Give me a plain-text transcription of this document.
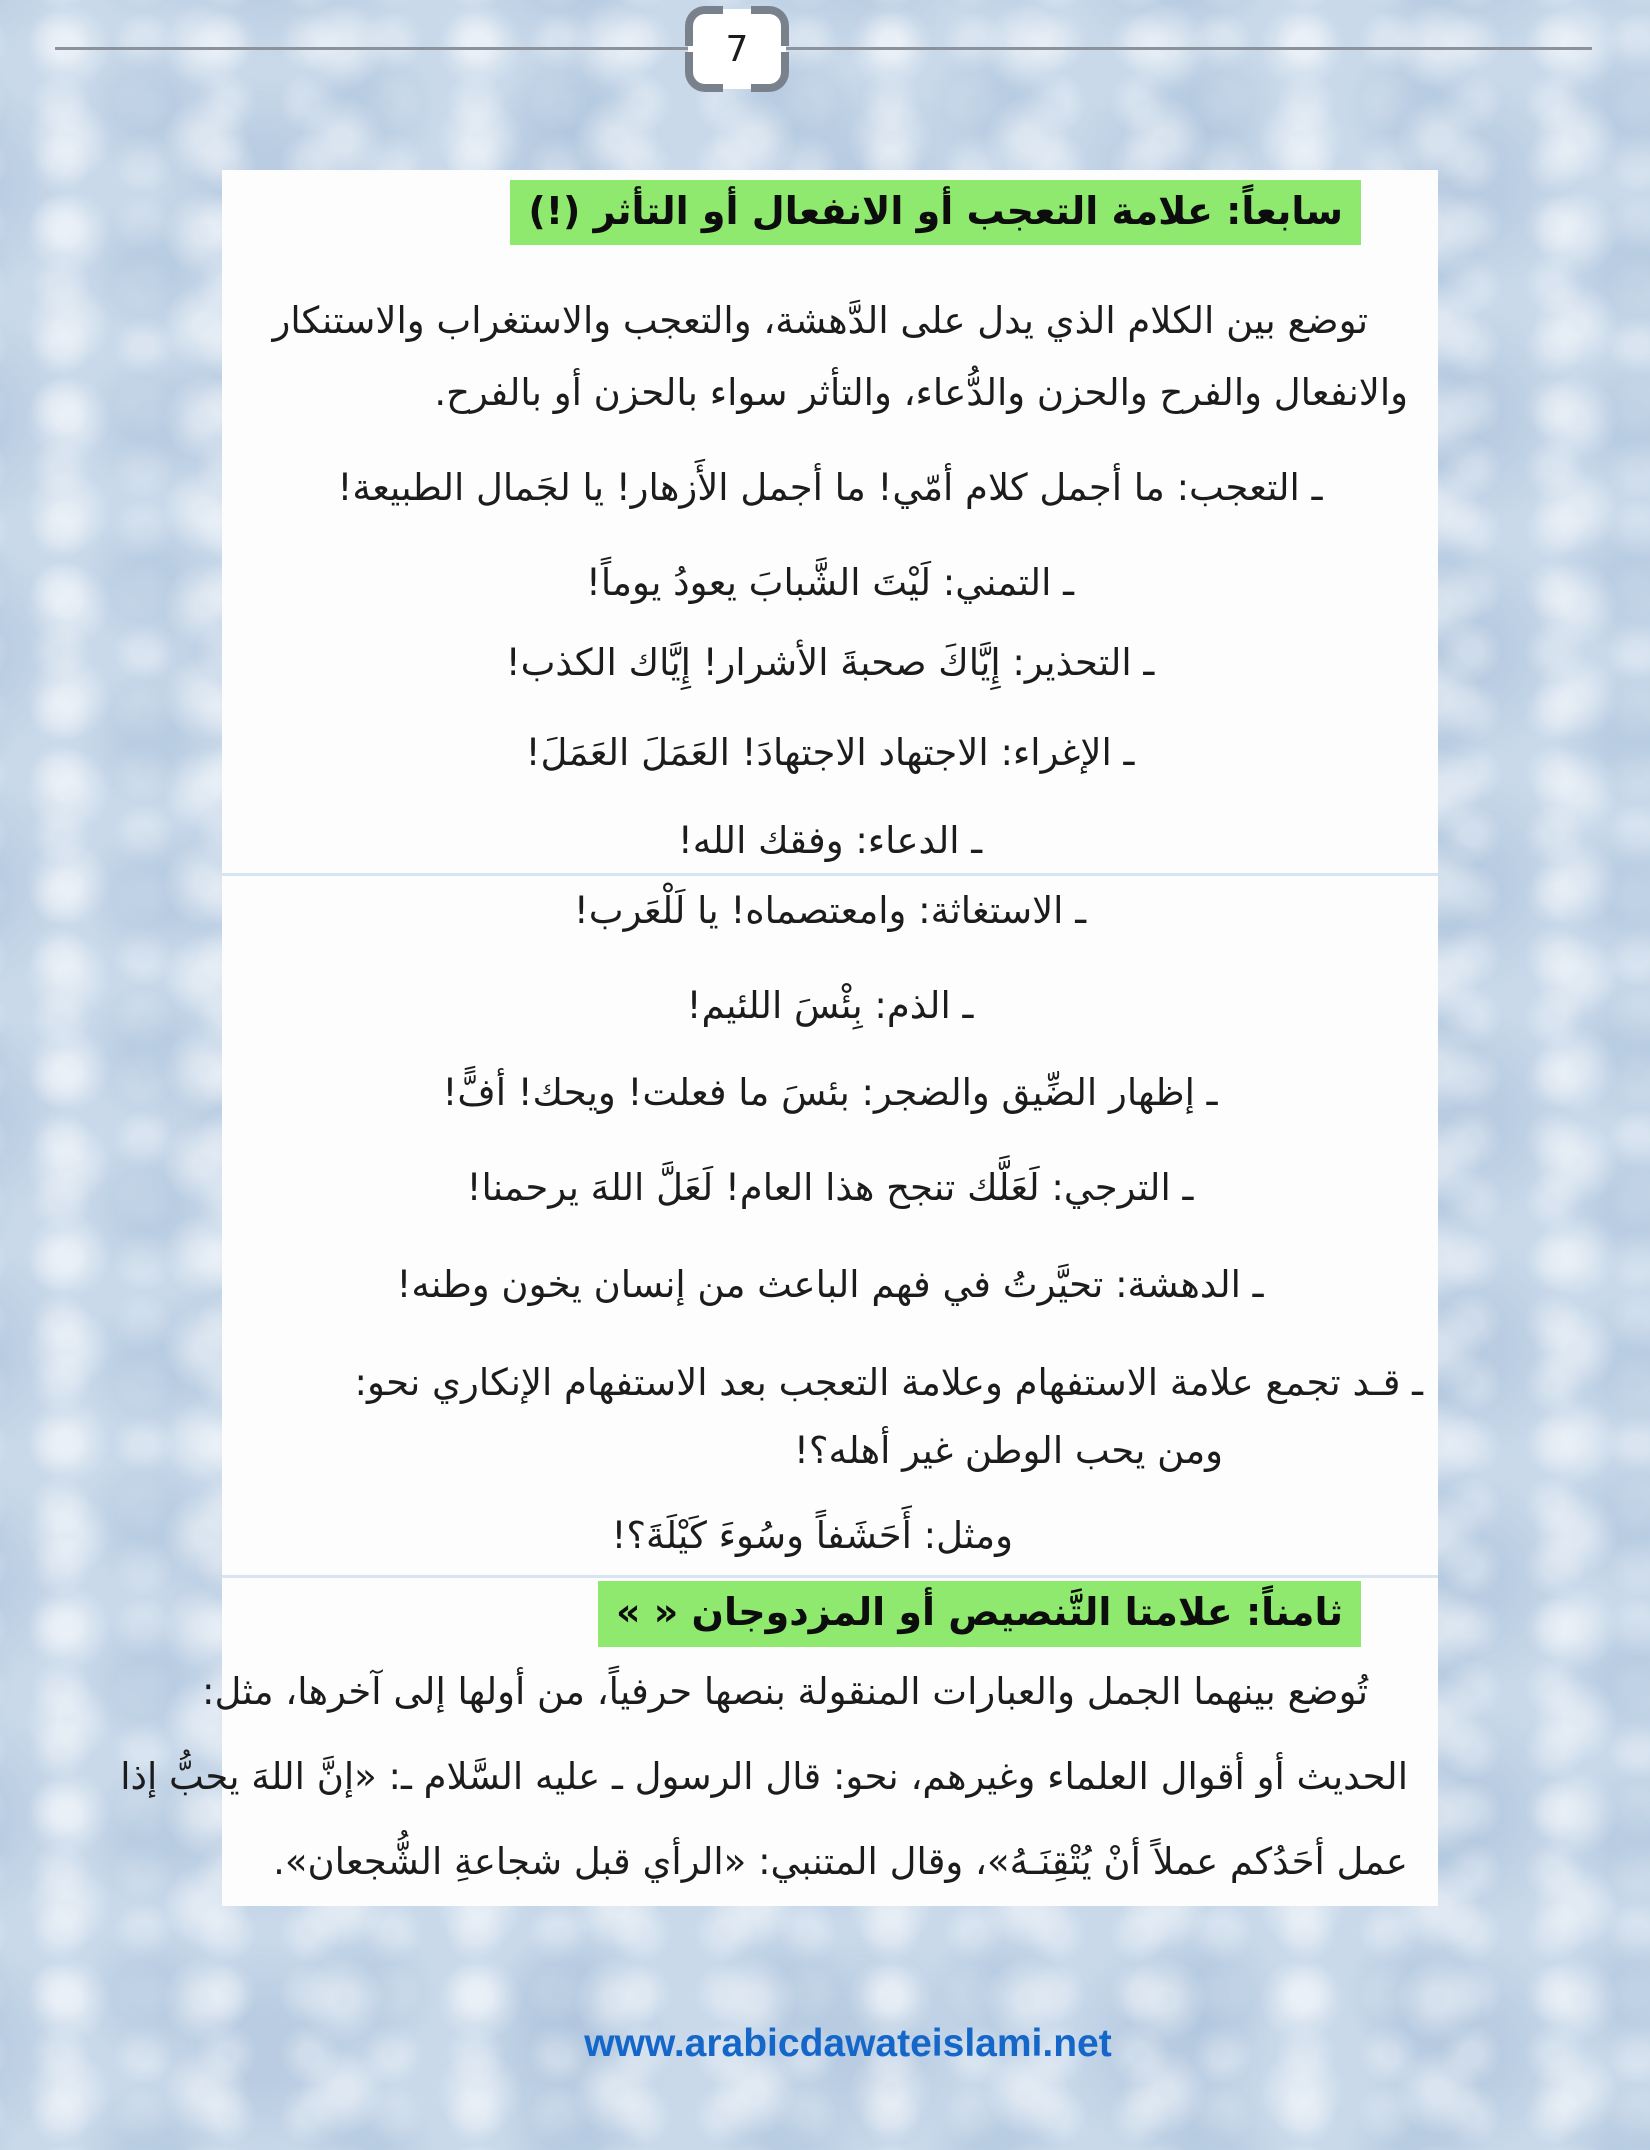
7
سابعاً: علامة التعجب أو الانفعال أو التأثر (!)

توضع بين الكلام الذي يدل على الدَّهشة، والتعجب والاستغراب والاستنكار

والانفعال والفرح والحزن والدُّعاء، والتأثر سواء بالحزن أو بالفرح.

ـ التعجب: ما أجمل كلام أمّي! ما أجمل الأَزهار! يا لجَمال الطبيعة!

ـ التمني: لَيْتَ الشَّبابَ يعودُ يوماً!

ـ التحذير: إِيَّاكَ صحبةَ الأشرار! إِيَّاك الكذب!

ـ الإغراء: الاجتهاد الاجتهادَ! العَمَلَ العَمَلَ!

ـ الدعاء: وفقك الله!

ـ الاستغاثة: وامعتصماه! يا لَلْعَرب!

ـ الذم: بِئْسَ اللئيم!

ـ إظهار الضِّيق والضجر: بئسَ ما فعلت! ويحك! أفًّ!

ـ الترجي: لَعَلَّك تنجح هذا العام! لَعَلَّ اللهَ يرحمنا!

ـ الدهشة: تحيَّرتُ في فهم الباعث من إنسان يخون وطنه!

ـ قـد تجمع علامة الاستفهام وعلامة التعجب بعد الاستفهام الإنكاري نحو:

ومن يحب الوطن غير أهله؟!

ومثل: أَحَشَفاً وسُوءَ كَيْلَةَ؟!

ثامناً: علامتا التَّنصيص أو المزدوجان « »

تُوضع بينهما الجمل والعبارات المنقولة بنصها حرفياً، من أولها إلى آخرها، مثل:

الحديث أو أقوال العلماء وغيرهم، نحو: قال الرسول ـ عليه السَّلام ـ: «إنَّ اللهَ يحبُّ إذا

عمل أحَدُكم عملاً أنْ يُتْقِنَـهُ»، وقال المتنبي: «الرأي قبل شجاعةِ الشُّجعان».

www.arabicdawateislami.net
